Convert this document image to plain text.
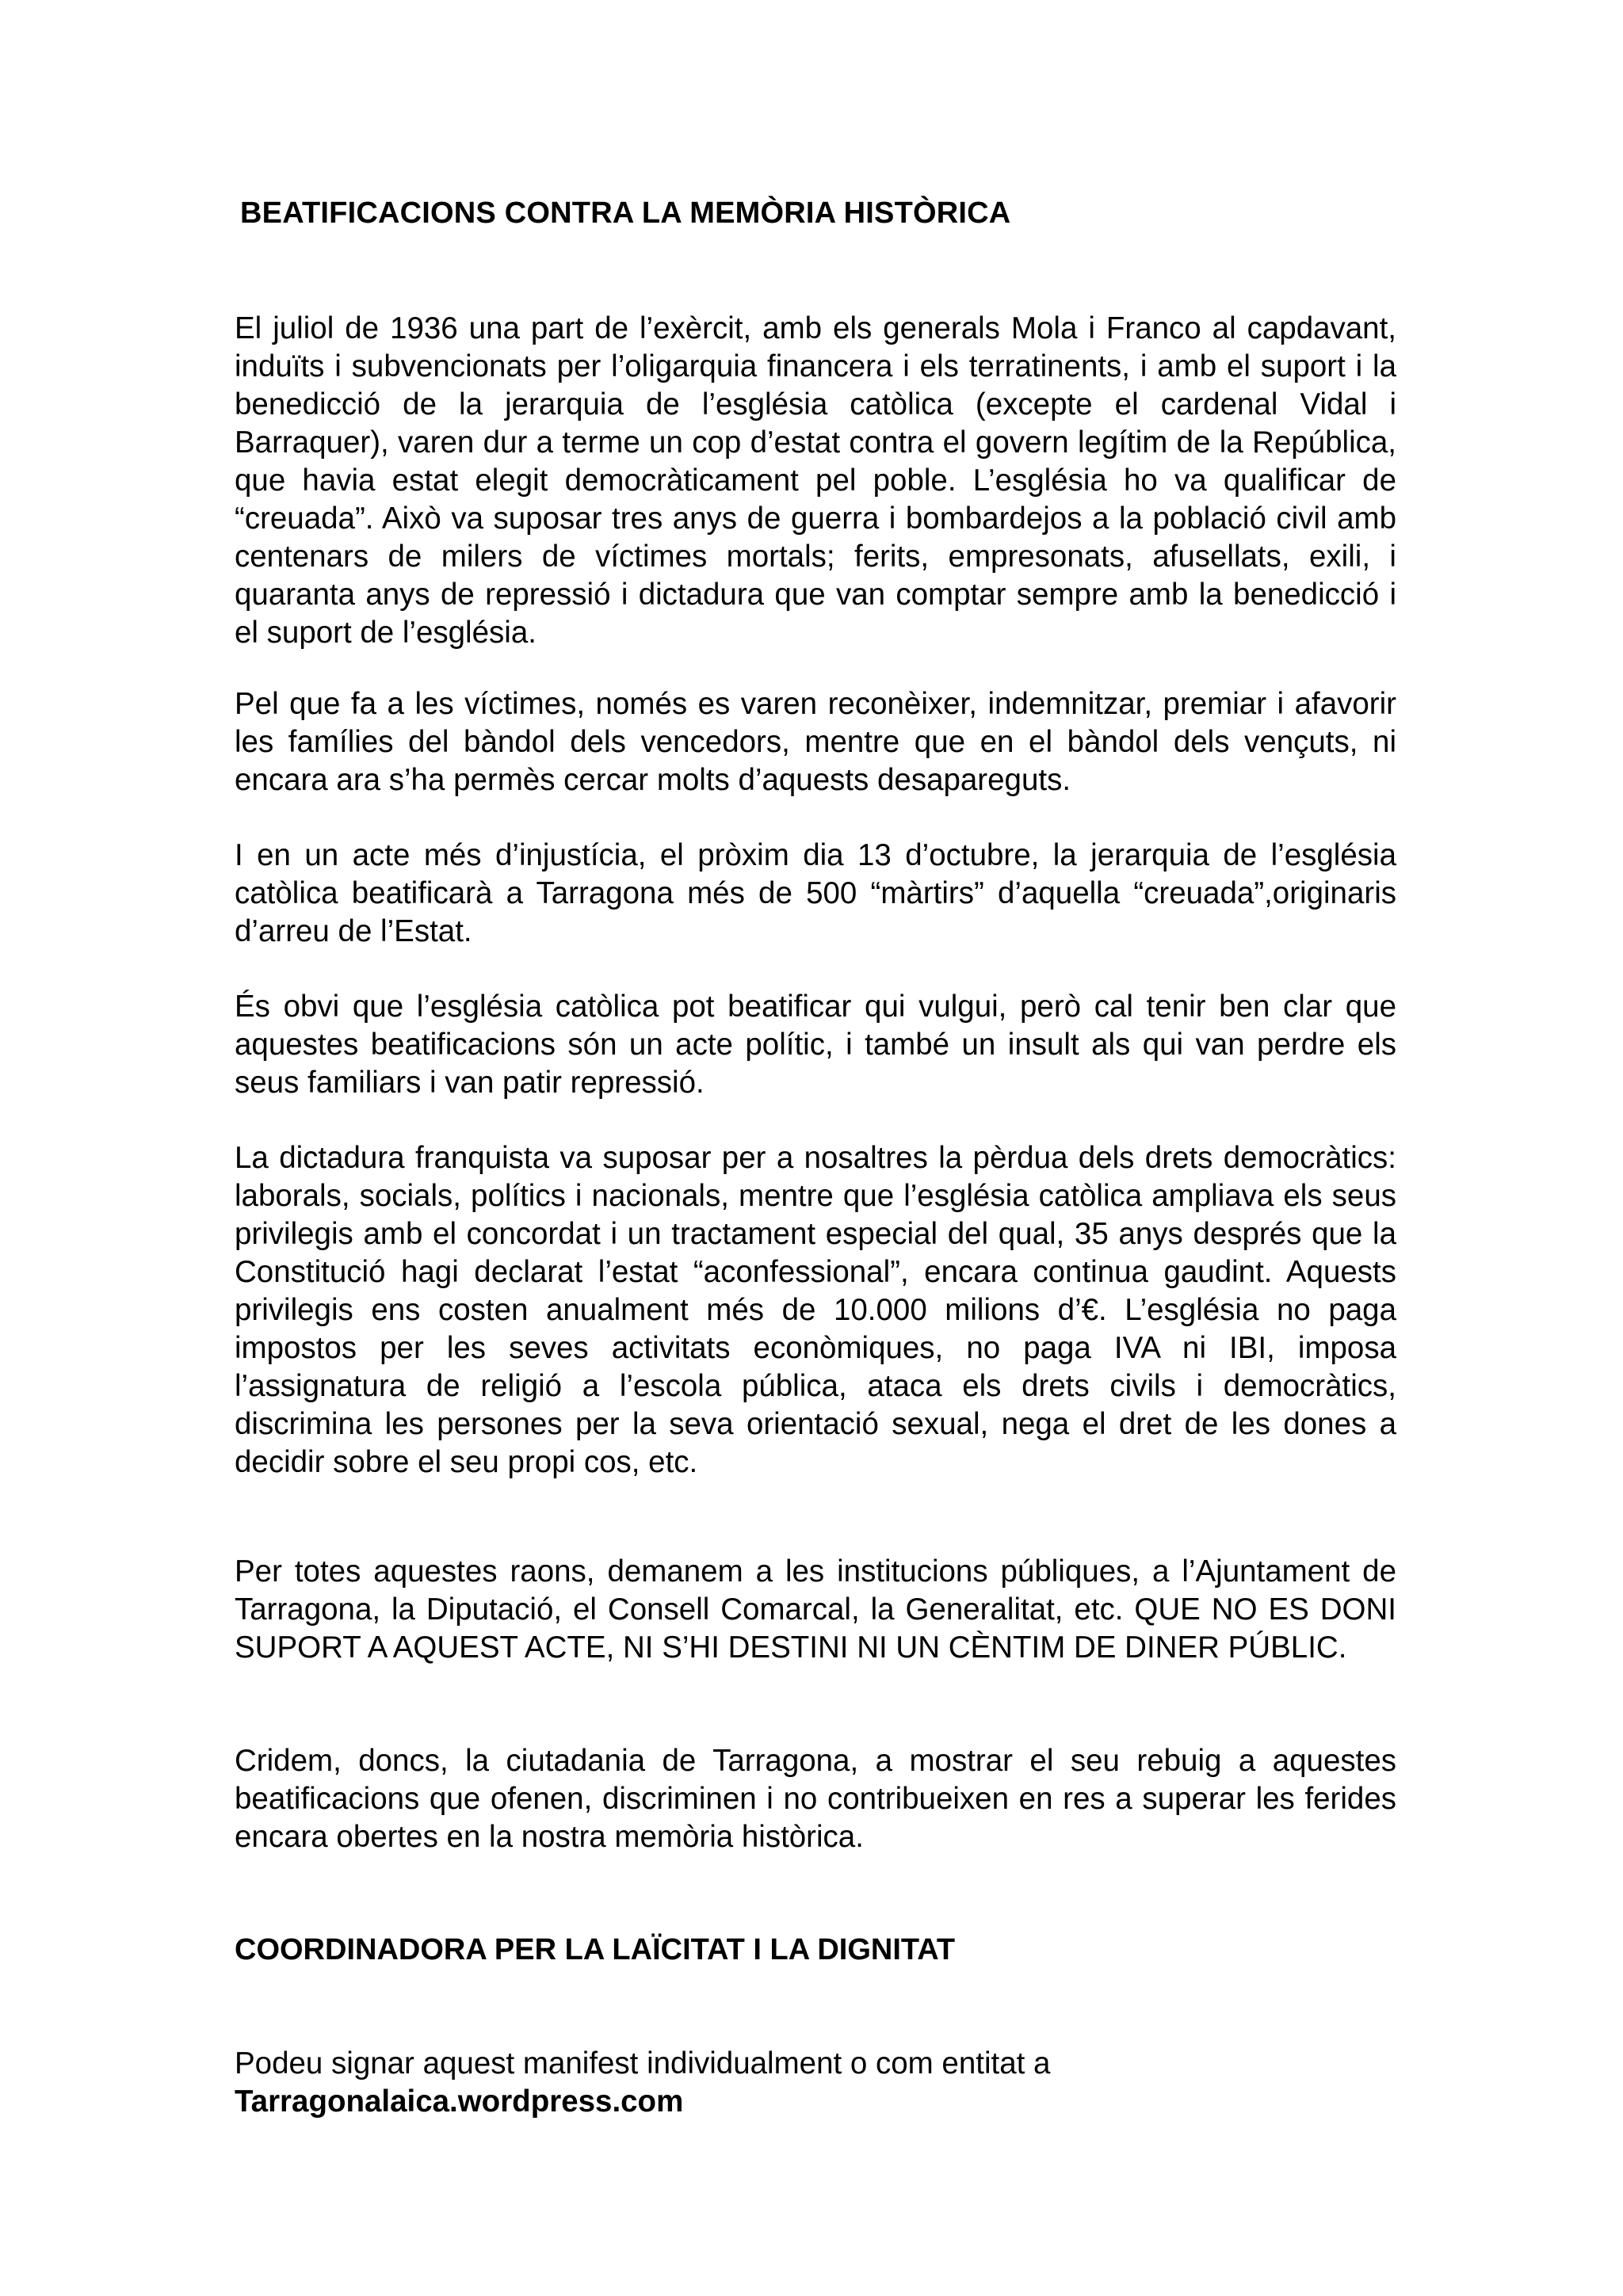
BEATIFICACIONS CONTRA LA MEMÒRIA HISTÒRICA

El juliol de 1936 una part de l’exèrcit, amb els generals Mola i Franco al capdavant, induïts i subvencionats per l’oligarquia financera i els terratinents, i amb el suport i la benedicció de la jerarquia de l’església catòlica (excepte el cardenal Vidal i Barraquer), varen dur a terme un cop d’estat contra el govern legítim de la República, que havia estat elegit democràticament pel poble. L’església ho va qualificar de “creuada”. Això va suposar tres anys de guerra i bombardejos a la població civil amb centenars de milers de víctimes mortals; ferits, empresonats, afusellats, exili, i quaranta anys de repressió i dictadura que van comptar sempre amb la benedicció i el suport de l’església.

Pel que fa a les víctimes, només es varen reconèixer, indemnitzar, premiar i afavorir les famílies del bàndol dels vencedors, mentre que en el bàndol dels vençuts, ni encara ara s’ha permès cercar molts d’aquests desapareguts.

I en un acte més d’injustícia, el pròxim dia 13 d’octubre, la jerarquia de l’església catòlica beatificarà a Tarragona més de 500 “màrtirs” d’aquella “creuada”,originaris d’arreu de l’Estat.

És obvi que l’església catòlica pot beatificar qui vulgui, però cal tenir ben clar que aquestes beatificacions són un acte polític, i també un insult als qui van perdre els seus familiars i van patir repressió.

La dictadura franquista va suposar per a nosaltres la pèrdua dels drets democràtics: laborals, socials, polítics i nacionals, mentre que l’església catòlica ampliava els seus privilegis amb el concordat i un tractament especial del qual, 35 anys després que la Constitució hagi declarat l’estat “aconfessional”, encara continua gaudint. Aquests privilegis ens costen anualment més de 10.000 milions d’€. L’església no paga impostos per les seves activitats econòmiques, no paga IVA ni IBI, imposa l’assignatura de religió a l’escola pública, ataca els drets civils i democràtics, discrimina les persones per la seva orientació sexual, nega el dret de les dones a decidir sobre el seu propi cos, etc.

Per totes aquestes raons, demanem a les institucions públiques, a l’Ajuntament de Tarragona, la Diputació, el Consell Comarcal, la Generalitat, etc. QUE NO ES DONI SUPORT A AQUEST ACTE, NI S’HI DESTINI NI UN CÈNTIM DE DINER PÚBLIC.

Cridem, doncs, la ciutadania de Tarragona, a mostrar el seu rebuig a aquestes beatificacions que ofenen, discriminen i no contribueixen en res a superar les ferides encara obertes en la nostra memòria històrica.

COORDINADORA PER LA LAÏCITAT I LA DIGNITAT

Podeu signar aquest manifest individualment o com entitat a

Tarragonalaica.wordpress.com
